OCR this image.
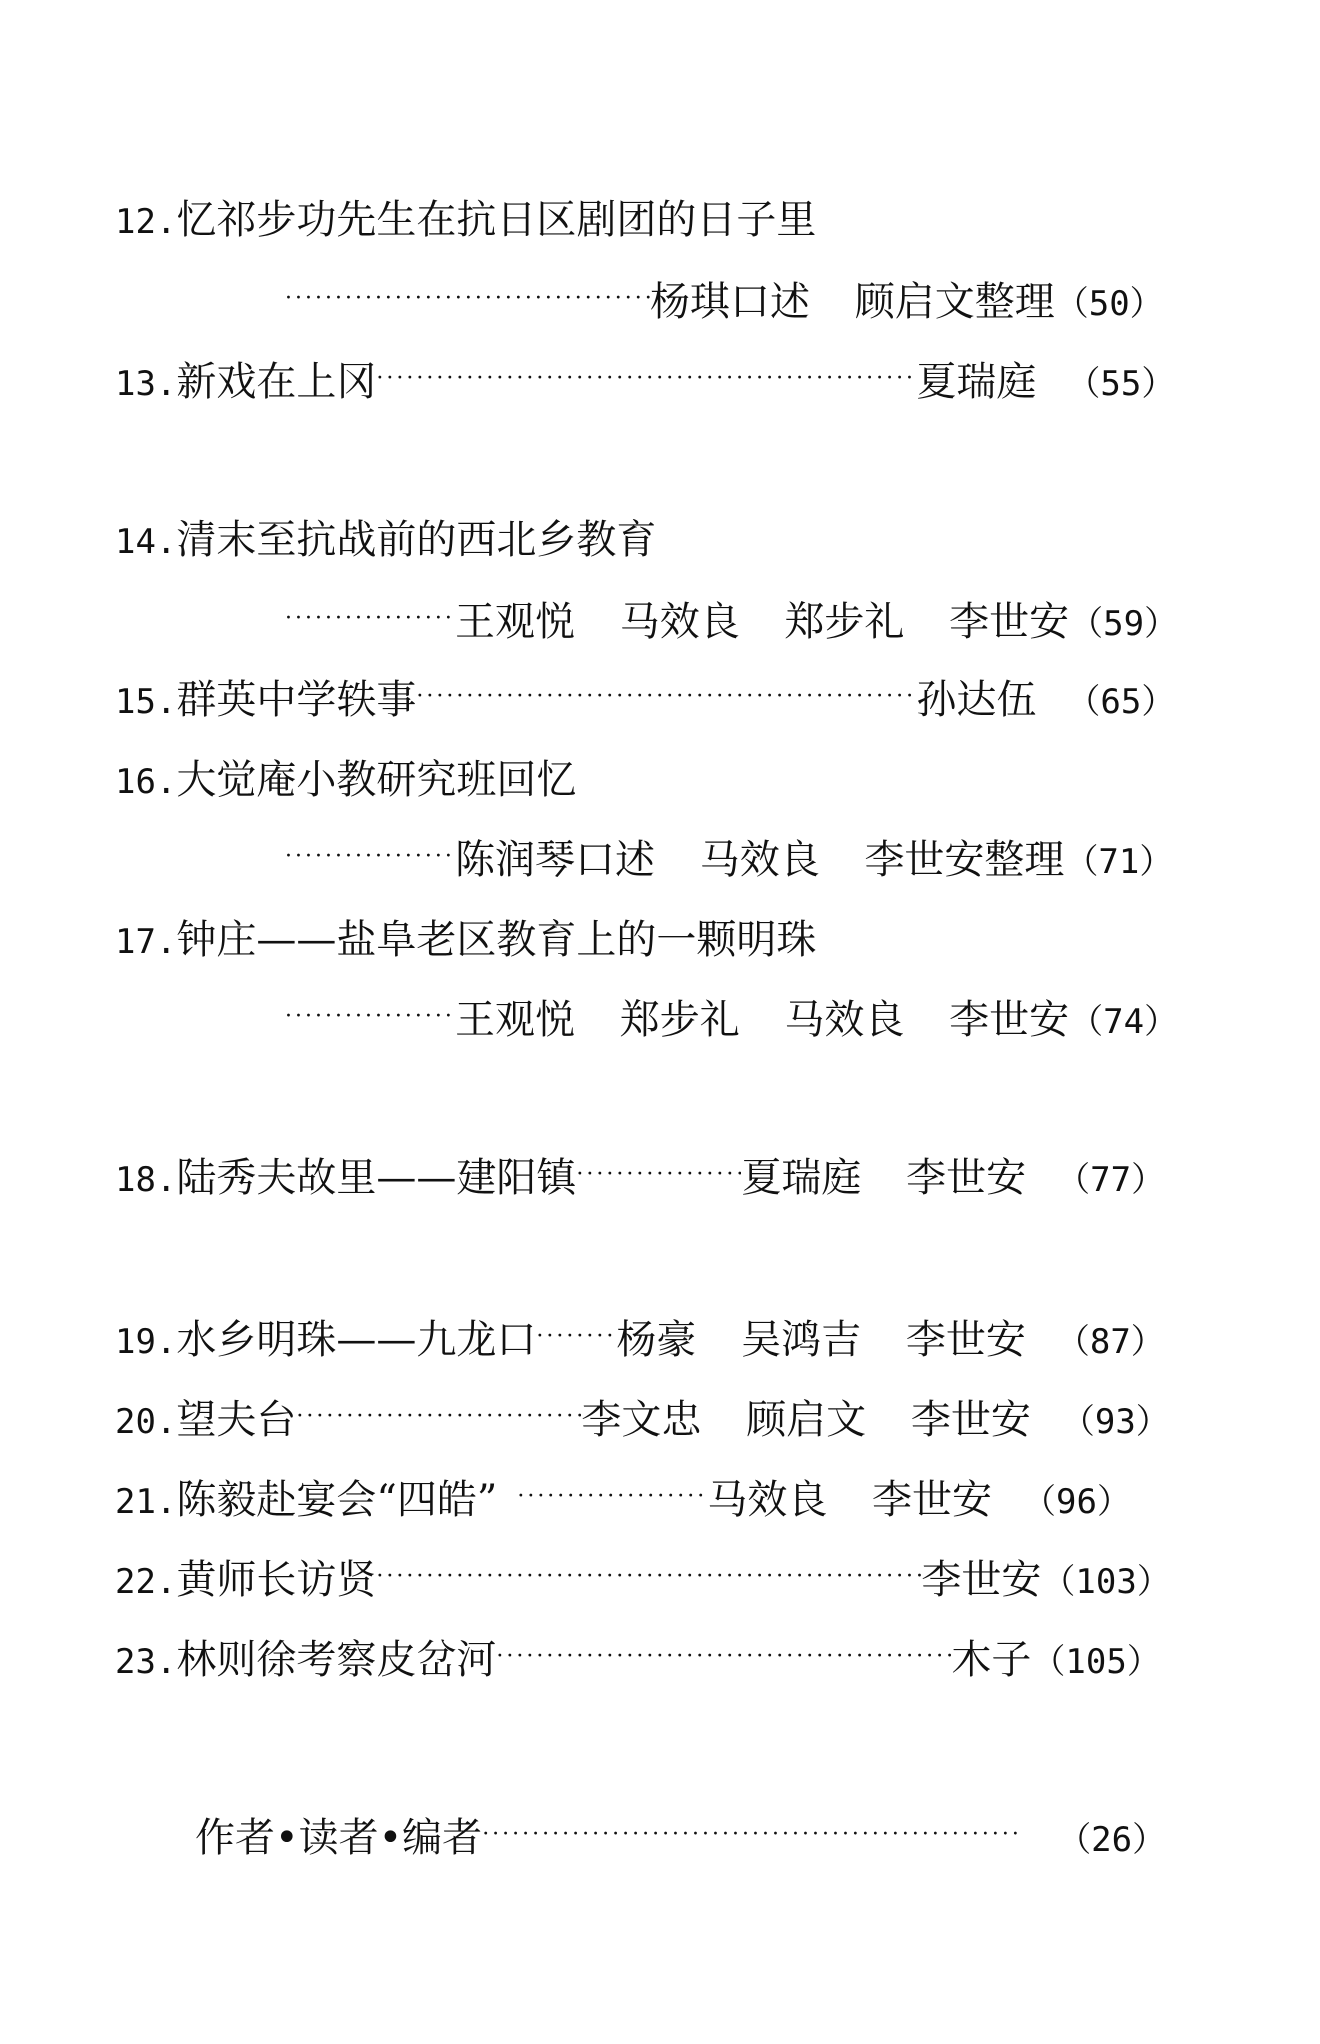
12. 忆祁步功先生在抗日区剧团的日子里
·····
杨琪口述 顾启文整理 （50）
13. 新戏在上冈 ·····	夏瑞庭 （55）
14. 清末至抗战前的西北乡教育
·····
王观悦 马效良 郑步礼 李世安 （59）
15. 群英中学轶事 ·····	孙达伍 （65）
16. 大觉庵小教研究班回忆
·····
陈润琴口述 马效良 李世安整理 （71）
17. 钟庄——盐阜老区教育上的一颗明珠
·····
王观悦 郑步礼 马效良 李世安 （74）
18. 陆秀夫故里——建阳镇 ·····	夏瑞庭 李世安 （77）
19. 水乡明珠——九龙口 ····· 杨豪 吴鸿吉 李世安 （87）
20. 望夫台 ·····	李文忠 顾启文 李世安 （93）
21. 陈毅赴宴会“四皓” ·····	马效良 李世安 （96）
22. 黄师长访贤 ·····	李世安 （103）
23. 林则徐考察皮岔河 ·····	木子 （105）
作者•读者•编者 ·····	（26）
